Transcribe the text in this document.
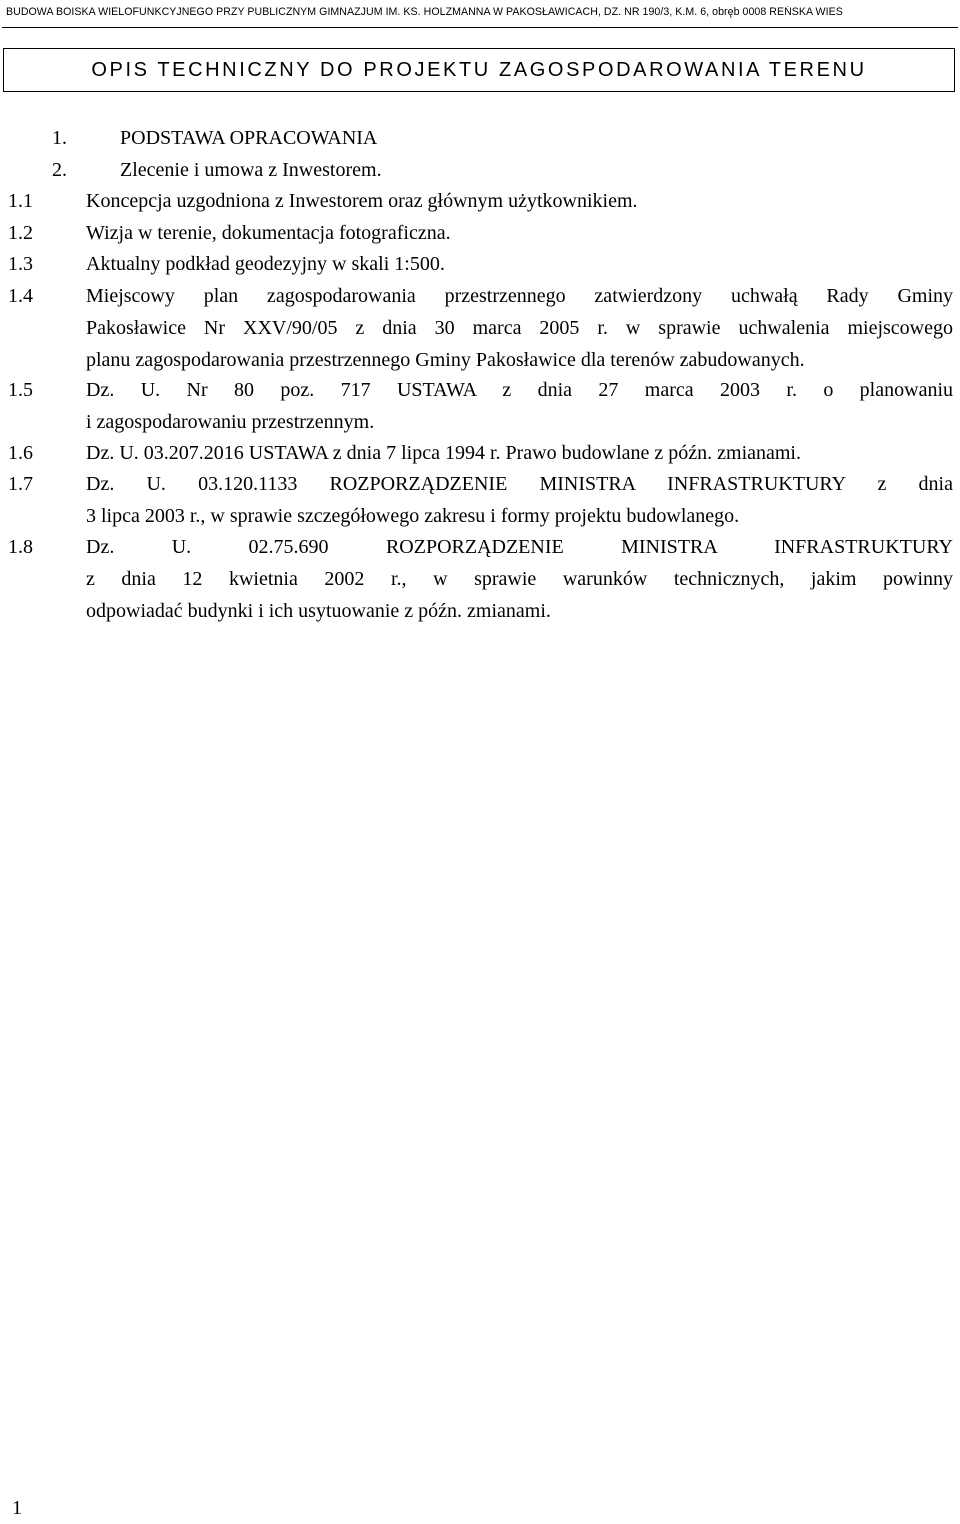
BUDOWA BOISKA WIELOFUNKCYJNEGO PRZY PUBLICZNYM GIMNAZJUM IM. KS. HOLZMANNA W PAKOSŁAWICACH, DZ. NR 190/3, K.M. 6, obręb 0008 REŃSKA WIEŚ
OPIS TECHNICZNY DO PROJEKTU ZAGOSPODAROWANIA TERENU
1.	PODSTAWA OPRACOWANIA
2.	Zlecenie i umowa z Inwestorem.
1.1	Koncepcja uzgodniona z Inwestorem oraz głównym użytkownikiem.
1.2	Wizja w terenie, dokumentacja fotograficzna.
1.3	Aktualny podkład geodezyjny w skali 1:500.
1.4	Miejscowy plan zagospodarowania przestrzennego zatwierdzony uchwałą Rady Gminy
Pakosławice Nr XXV/90/05 z dnia 30 marca 2005 r. w sprawie uchwalenia miejscowego
planu zagospodarowania przestrzennego Gminy Pakosławice dla terenów zabudowanych.
1.5	Dz. U. Nr 80 poz. 717 USTAWA z dnia 27 marca 2003 r. o planowaniu
i zagospodarowaniu przestrzennym.
1.6	Dz. U. 03.207.2016 USTAWA z dnia 7 lipca 1994 r. Prawo budowlane z późn. zmianami.
1.7	Dz. U. 03.120.1133 ROZPORZĄDZENIE MINISTRA INFRASTRUKTURY z dnia
3 lipca 2003 r., w sprawie szczegółowego zakresu i formy projektu budowlanego.
1.8	Dz. U. 02.75.690 ROZPORZĄDZENIE MINISTRA INFRASTRUKTURY
z dnia 12 kwietnia 2002 r., w sprawie warunków technicznych, jakim powinny
odpowiadać budynki i ich usytuowanie z późn. zmianami.
1
